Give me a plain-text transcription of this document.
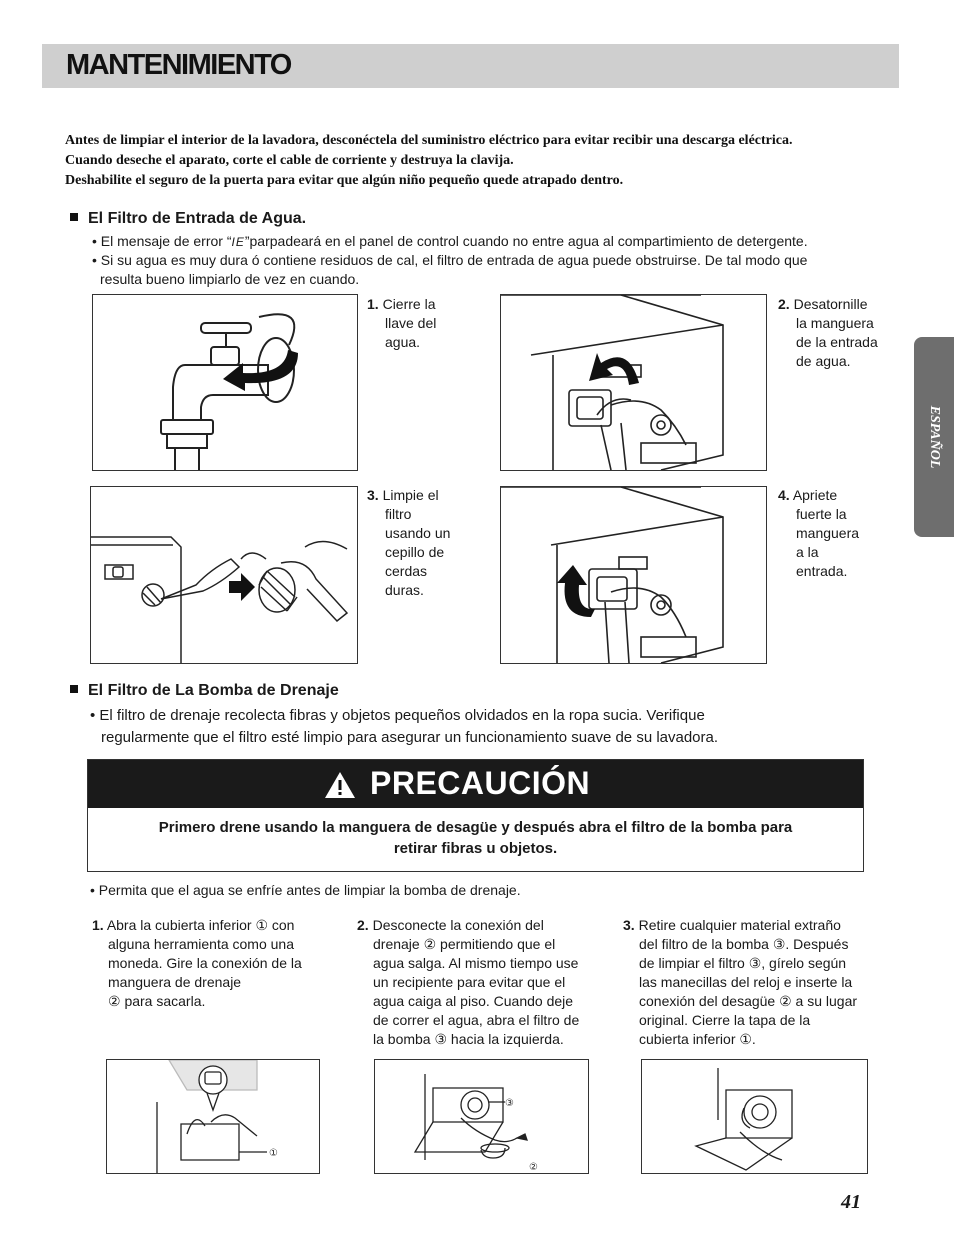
MANTENIMIENTO
ESPAÑOL
Antes de limpiar el interior de la lavadora, desconéctela del suministro eléctrico para evitar recibir una descarga eléctrica.
Cuando deseche el aparato, corte el cable de corriente y destruya la clavija.
Deshabilite el seguro de la puerta para evitar que algún niño pequeño quede atrapado dentro.
El Filtro de Entrada de Agua.
• El mensaje de error “IE”parpadeará en el panel de control cuando no entre agua al compartimiento de detergente.
• Si su agua es muy dura ó contiene residuos de cal, el filtro de entrada de agua puede obstruirse. De tal modo que
resulta bueno limpiarlo de vez en cuando.
1. Cierre la
llave del
agua.
2. Desatornille
la manguera
de la entrada
de agua.
3. Limpie el
filtro
usando un
cepillo de
cerdas
duras.
4. Apriete
fuerte la
manguera
a la
entrada.
El Filtro de La Bomba de Drenaje
• El filtro de drenaje recolecta fibras y objetos pequeños olvidados en la ropa sucia. Verifique
regularmente que el filtro esté limpio para asegurar un funcionamiento suave de su lavadora.
PRECAUCIÓN
Primero drene usando la manguera de desagüe y después abra el filtro de la bomba para
retirar fibras u objetos.
• Permita que el agua se enfríe antes de limpiar la bomba de drenaje.
1. Abra la cubierta inferior ① con
alguna herramienta como una
moneda. Gire la conexión de la
manguera de drenaje
② para sacarla.
2. Desconecte la conexión del
drenaje ② permitiendo que el
agua salga. Al mismo tiempo use
un recipiente para evitar que el
agua caiga al piso. Cuando deje
de correr el agua, abra el filtro de
la bomba ③ hacia la izquierda.
3. Retire cualquier material extraño
del filtro de la bomba ③. Después
de limpiar el filtro ③, gírelo según
las manecillas del reloj e inserte la
conexión del desagüe ② a su lugar
original. Cierre la tapa de la
cubierta inferior ①.
①
③
②
41
